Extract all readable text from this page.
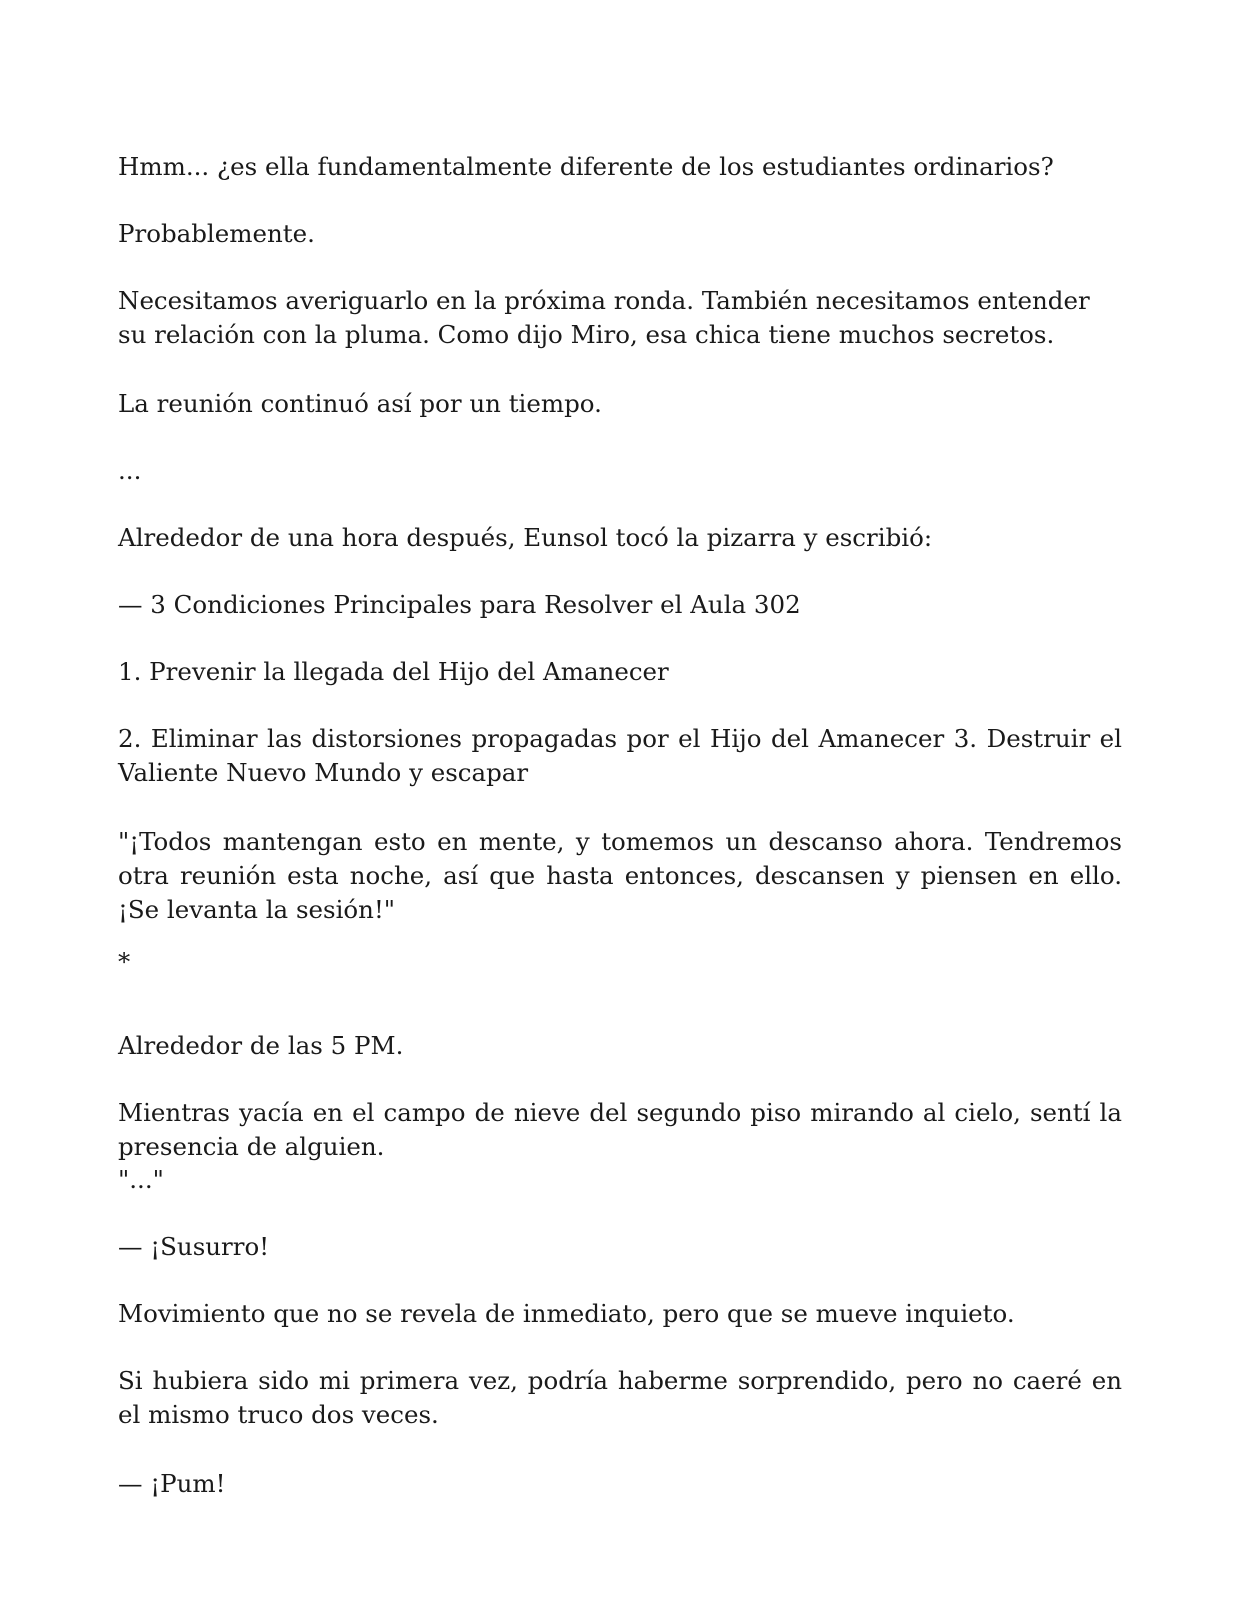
Hmm... ¿es ella fundamentalmente diferente de los estudiantes ordinarios?

Probablemente.

Necesitamos averiguarlo en la próxima ronda. También necesitamos entender su relación con la pluma. Como dijo Miro, esa chica tiene muchos secretos.

La reunión continuó así por un tiempo.

...

Alrededor de una hora después, Eunsol tocó la pizarra y escribió:

— 3 Condiciones Principales para Resolver el Aula 302

1. Prevenir la llegada del Hijo del Amanecer

2. Eliminar las distorsiones propagadas por el Hijo del Amanecer 3. Destruir el Valiente Nuevo Mundo y escapar

"¡Todos mantengan esto en mente, y tomemos un descanso ahora. Tendremos otra reunión esta noche, así que hasta entonces, descansen y piensen en ello. ¡Se levanta la sesión!"

*

Alrededor de las 5 PM.

Mientras yacía en el campo de nieve del segundo piso mirando al cielo, sentí la presencia de alguien.

"..."

— ¡Susurro!

Movimiento que no se revela de inmediato, pero que se mueve inquieto.

Si hubiera sido mi primera vez, podría haberme sorprendido, pero no caeré en el mismo truco dos veces.

— ¡Pum!
